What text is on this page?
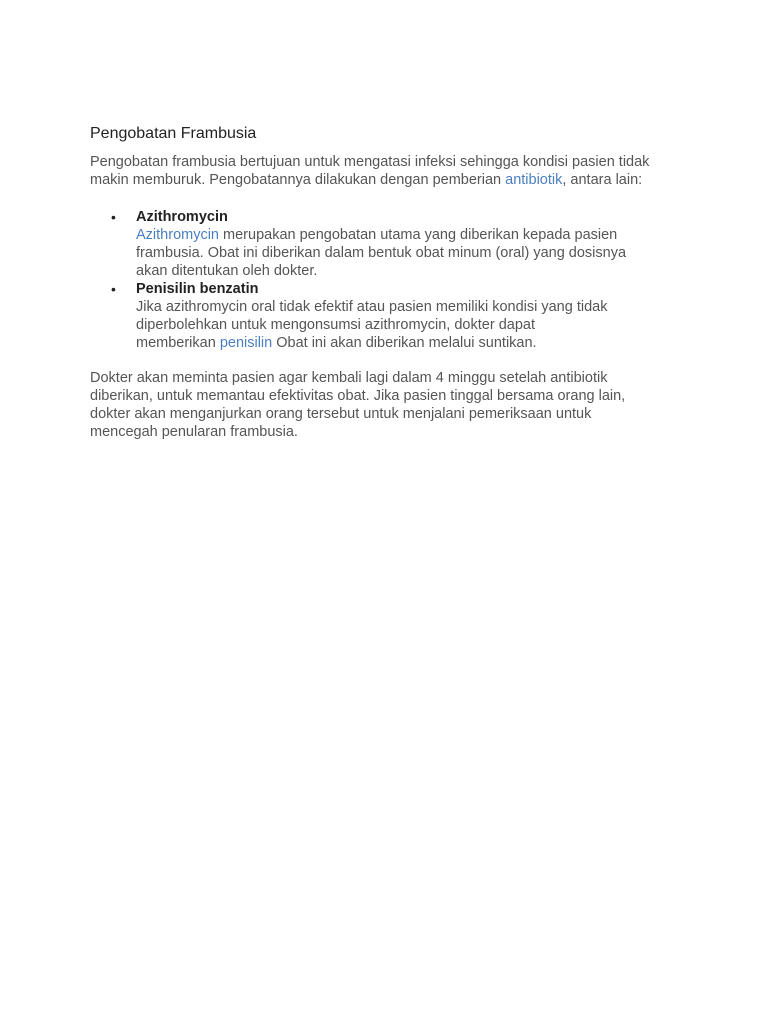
Pengobatan Frambusia

Pengobatan frambusia bertujuan untuk mengatasi infeksi sehingga kondisi pasien tidak
makin memburuk. Pengobatannya dilakukan dengan pemberian antibiotik, antara lain:

• Azithromycin
Azithromycin merupakan pengobatan utama yang diberikan kepada pasien
frambusia. Obat ini diberikan dalam bentuk obat minum (oral) yang dosisnya
akan ditentukan oleh dokter.
• Penisilin benzatin
Jika azithromycin oral tidak efektif atau pasien memiliki kondisi yang tidak
diperbolehkan untuk mengonsumsi azithromycin, dokter dapat
memberikan penisilin Obat ini akan diberikan melalui suntikan.

Dokter akan meminta pasien agar kembali lagi dalam 4 minggu setelah antibiotik
diberikan, untuk memantau efektivitas obat. Jika pasien tinggal bersama orang lain,
dokter akan menganjurkan orang tersebut untuk menjalani pemeriksaan untuk
mencegah penularan frambusia.
